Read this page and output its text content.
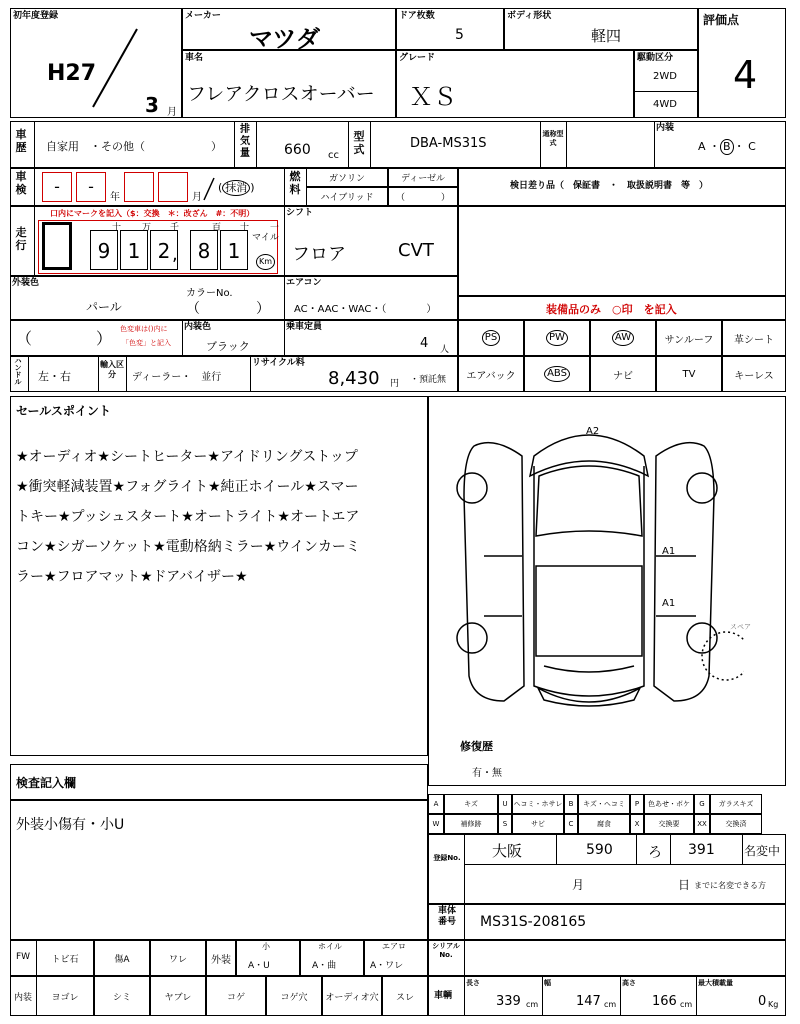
初年度登録
H27
3 月
メーカー
マツダ
ドア枚数
5
ボディ形状
軽四
評価点
4
車名
フレアクロスオーバー
グレード
ＸＳ
駆動区分
2WD
4WD
車歴 自家用　・その他（　　　　　　）
排気量 660 cc
型式	DBA-MS31S
通称型式
内装
A ・ B ・ C
車検	-	-
年	月
( 抹消 )
燃料
ガソリン	ディーゼル
ハイブリッド	（　　　　）
検日差り品（　保証書　・　取扱説明書　等　）
走行
口内にマークを記入（$：交換　＊：改ざん　#：不明）
十 万 千	百 十 一
9 1 2	8 1
,
マイル
Km
シフト
フロア	CVT
外装色
パール
カラーNo.
（　　　　）
エアコン
AC・AAC・WAC・（　　　　）	装備品のみ　○印　を記入
（　　　　） 色変車は()内に
「色変」と記入
内装色
ブラック
乗車定員
4 人
PS	PW	AW	サンルーフ 革シート
エアバック	ABS	ナビ	TV	キーレス
ハンドル 左・右
輸入区分	ディーラー・　並行
リサイクル料
8,430 円 ・預託無
セールスポイント
★オーディオ★シートヒーター★アイドリングストップ
★衝突軽減装置★フォグライト★純正ホイール★スマー
トキー★プッシュスタート★オートライト★オートエア
コン★シガーソケット★電動格納ミラー★ウインカーミ
ラー★フロアマット★ドアバイザー★
A2
A1
A1
スペア
修復歴
有・無
検査記入欄
外装小傷有・小U
A	キズ	U ヘコミ・ホサレ B	キズ・ヘコミ	P	色あせ・ボケ	G	ガラスキズ
W	補修跡	S	サビ	C	腐食	X	交換要	XX	交換済
登録No. 大阪	590	ろ 391 名変中
月	日 までに名変できる方
車体番号 MS31S-208165
FW	トビ石	傷A	ワレ	外装
小
A・U
ホイル
A・曲
エアロ
A・ワレ
内装	ヨゴレ	シミ	ヤブレ	コゲ	コゲ穴	オーディオ穴	スレ
シリアルNo.
車輌
長さ
339 cm
幅
147 cm
高さ
166 cm
最大積載量
0 Kg
